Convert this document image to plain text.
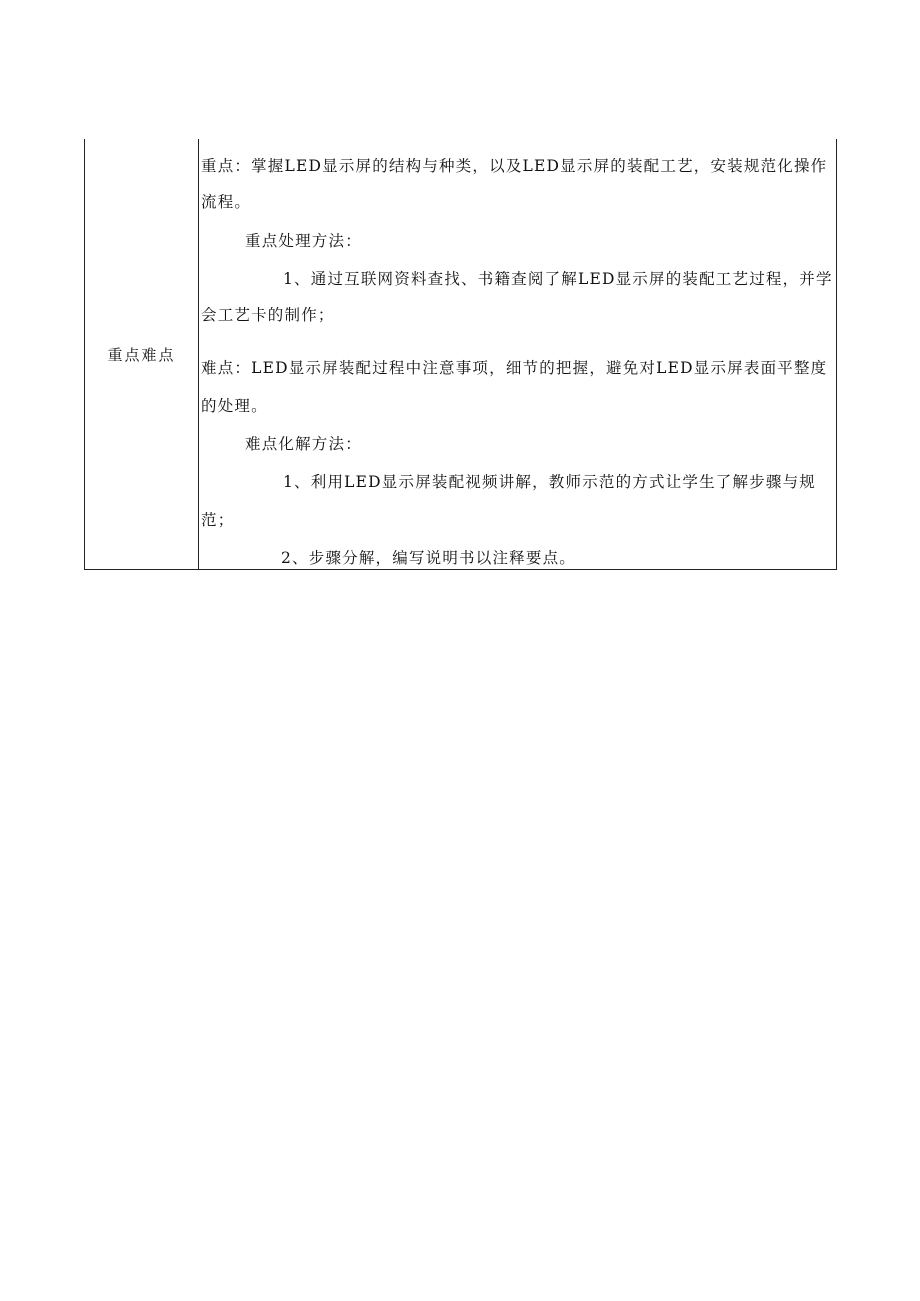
重点难点	
重点：掌握LED显示屏的结构与种类，以及LED显示屏的装配工艺，安装规范化操作
流程。
重点处理方法：
1、通过互联网资料查找、书籍查阅了解LED显示屏的装配工艺过程，并学
会工艺卡的制作；
难点：LED显示屏装配过程中注意事项，细节的把握，避免对LED显示屏表面平整度
的处理。
难点化解方法：
1、利用LED显示屏装配视频讲解，教师示范的方式让学生了解步骤与规
范；
2、步骤分解，编写说明书以注释要点。
